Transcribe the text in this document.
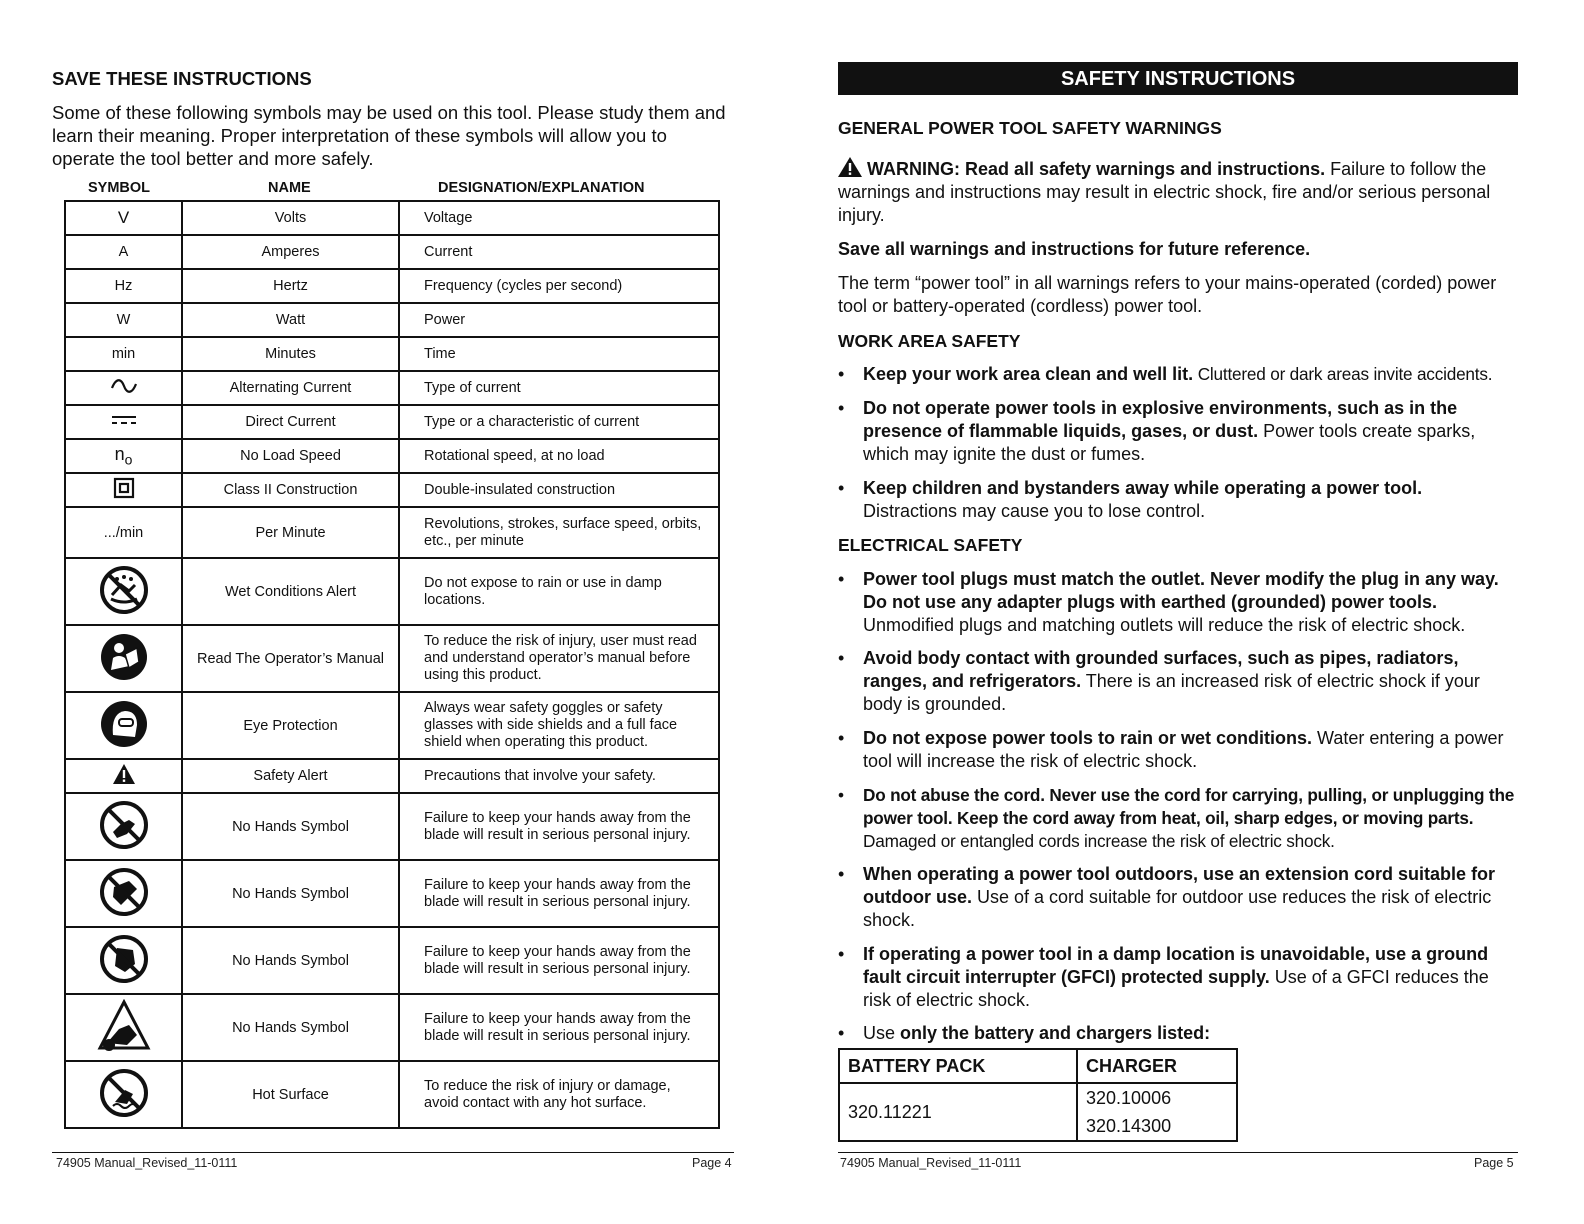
SAVE THESE INSTRUCTIONS
Some of these following symbols may be used on this tool. Please study them and learn their meaning. Proper interpretation of these symbols will allow you to operate the tool better and more safely.
SYMBOL	NAME	DESIGNATION/EXPLANATION
V	Volts	Voltage
A	Amperes	Current
Hz	Hertz	Frequency (cycles per second)
W	Watt	Power
min	Minutes	Time
	Alternating Current	Type of current
	Direct Current	Type or a characteristic of current
$n_o$	No Load Speed	Rotational speed, at no load
	Class II Construction	Double-insulated construction
.../min	Per Minute	Revolutions, strokes, surface speed, orbits, etc., per minute
	Wet Conditions Alert	Do not expose to rain or use in damp locations.
	Read The Operator’s Manual	To reduce the risk of injury, user must read and understand operator’s manual before using this product.
	Eye Protection	Always wear safety goggles or safety glasses with side shields and a full face shield when operating this product.
	Safety Alert	Precautions that involve your safety.
	No Hands Symbol	Failure to keep your hands away from the blade will result in serious personal injury.
	No Hands Symbol	Failure to keep your hands away from the blade will result in serious personal injury.
	No Hands Symbol	Failure to keep your hands away from the blade will result in serious personal injury.
	No Hands Symbol	Failure to keep your hands away from the blade will result in serious personal injury.
	Hot Surface	To reduce the risk of injury or damage, avoid contact with any hot surface.
74905 Manual_Revised_11-0111	Page 4
SAFETY INSTRUCTIONS
GENERAL POWER TOOL SAFETY WARNINGS
WARNING: Read all safety warnings and instructions. Failure to follow the warnings and instructions may result in electric shock, fire and/or serious personal injury.
Save all warnings and instructions for future reference.
The term “power tool” in all warnings refers to your mains-operated (corded) power tool or battery-operated (cordless) power tool.
WORK AREA SAFETY
• Keep your work area clean and well lit. Cluttered or dark areas invite accidents.
• Do not operate power tools in explosive environments, such as in the presence of flammable liquids, gases, or dust. Power tools create sparks, which may ignite the dust or fumes.
• Keep children and bystanders away while operating a power tool. Distractions may cause you to lose control.
ELECTRICAL SAFETY
• Power tool plugs must match the outlet. Never modify the plug in any way. Do not use any adapter plugs with earthed (grounded) power tools. Unmodified plugs and matching outlets will reduce the risk of electric shock.
• Avoid body contact with grounded surfaces, such as pipes, radiators, ranges, and refrigerators. There is an increased risk of electric shock if your body is grounded.
• Do not expose power tools to rain or wet conditions. Water entering a power tool will increase the risk of electric shock.
• Do not abuse the cord. Never use the cord for carrying, pulling, or unplugging the power tool. Keep the cord away from heat, oil, sharp edges, or moving parts. Damaged or entangled cords increase the risk of electric shock.
• When operating a power tool outdoors, use an extension cord suitable for outdoor use. Use of a cord suitable for outdoor use reduces the risk of electric shock.
• If operating a power tool in a damp location is unavoidable, use a ground fault circuit interrupter (GFCI) protected supply. Use of a GFCI reduces the risk of electric shock.
• Use only the battery and chargers listed:
BATTERY PACK	CHARGER
320.11221	320.10006
	320.14300
74905 Manual_Revised_11-0111	Page 5
